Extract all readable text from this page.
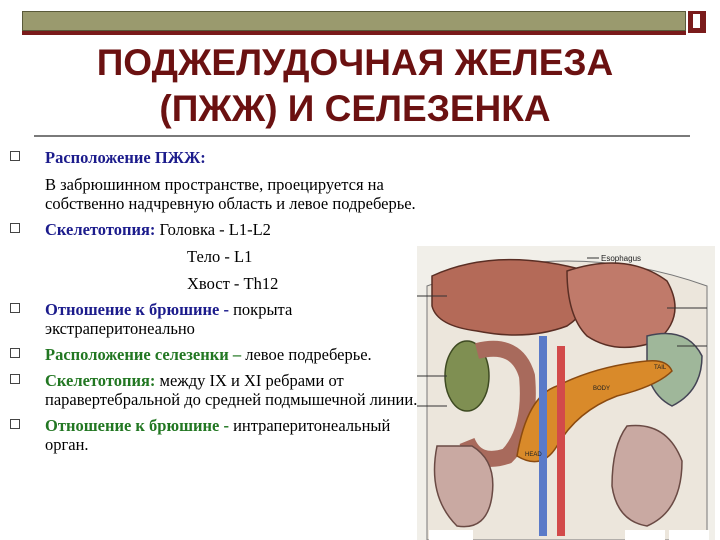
ПОДЖЕЛУДОЧНАЯ ЖЕЛЕЗА
(ПЖЖ) И СЕЛЕЗЕНКА
Расположение ПЖЖ:

В забрюшинном пространстве, проецируется на собственно надчревную область и левое подреберье.

Скелетотопия: Головка - L1-L2
Тело - L1
Хвост - Th12
Отношение к брюшине - покрыта экстраперитонеально
Расположение селезенки – левое подреберье.
Скелетотопия: между IX и XI ребрами от паравертебральной до средней подмышечной линии.
Отношение к брюшине - интраперитонеальный орган.
Esophagus
BODY
TAIL
HEAD
